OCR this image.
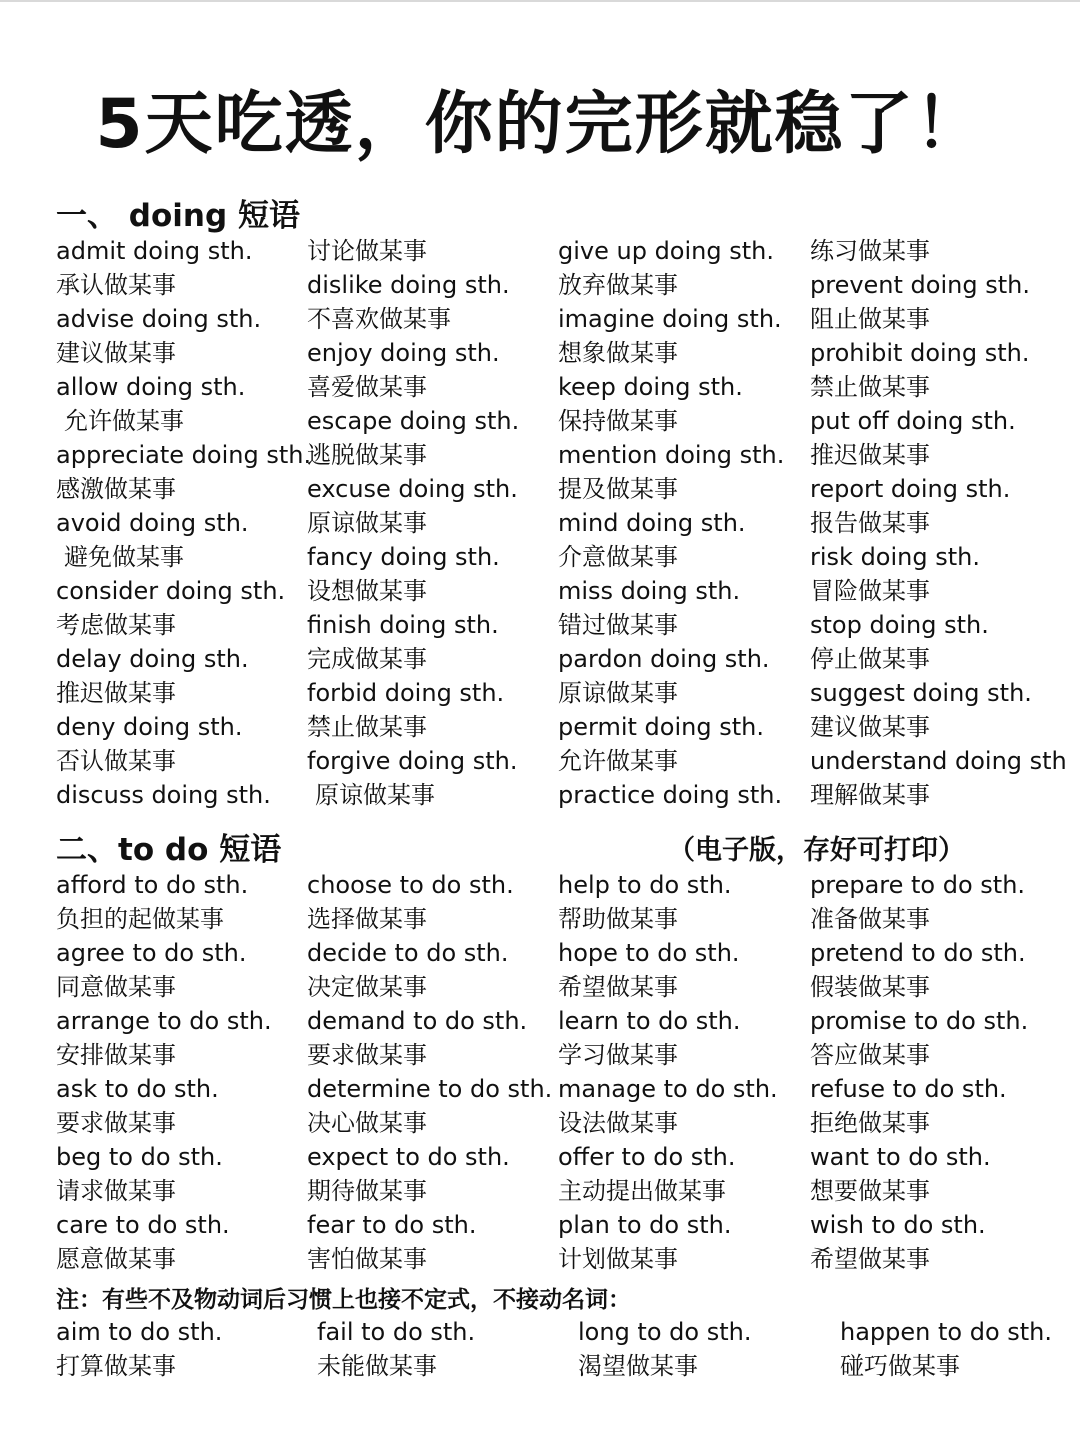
5天吃透，你的完形就稳了！
一、 doing 短语
admit doing sth.
承认做某事
advise doing sth.
建议做某事
allow doing sth.
允许做某事
appreciate doing sth.
感激做某事
avoid doing sth.
避免做某事
consider doing sth.
考虑做某事
delay doing sth.
推迟做某事
deny doing sth.
否认做某事
discuss doing sth.
讨论做某事
dislike doing sth.
不喜欢做某事
enjoy doing sth.
喜爱做某事
escape doing sth.
逃脱做某事
excuse doing sth.
原谅做某事
fancy doing sth.
设想做某事
finish doing sth.
完成做某事
forbid doing sth.
禁止做某事
forgive doing sth.
原谅做某事
give up doing sth.
放弃做某事
imagine doing sth.
想象做某事
keep doing sth.
保持做某事
mention doing sth.
提及做某事
mind doing sth.
介意做某事
miss doing sth.
错过做某事
pardon doing sth.
原谅做某事
permit doing sth.
允许做某事
practice doing sth.
练习做某事
prevent doing sth.
阻止做某事
prohibit doing sth.
禁止做某事
put off doing sth.
推迟做某事
report doing sth.
报告做某事
risk doing sth.
冒险做某事
stop doing sth.
停止做某事
suggest doing sth.
建议做某事
understand doing sth
理解做某事
二、to do 短语	（电子版，存好可打印）
afford to do sth.
负担的起做某事
agree to do sth.
同意做某事
arrange to do sth.
安排做某事
ask to do sth.
要求做某事
beg to do sth.
请求做某事
care to do sth.
愿意做某事
choose to do sth.
选择做某事
decide to do sth.
决定做某事
demand to do sth.
要求做某事
determine to do sth.
决心做某事
expect to do sth.
期待做某事
fear to do sth.
害怕做某事
help to do sth.
帮助做某事
hope to do sth.
希望做某事
learn to do sth.
学习做某事
manage to do sth.
设法做某事
offer to do sth.
主动提出做某事
plan to do sth.
计划做某事
prepare to do sth.
准备做某事
pretend to do sth.
假装做某事
promise to do sth.
答应做某事
refuse to do sth.
拒绝做某事
want to do sth.
想要做某事
wish to do sth.
希望做某事
注：有些不及物动词后习惯上也接不定式，不接动名词：
aim to do sth.
打算做某事
fail to do sth.
未能做某事
long to do sth.
渴望做某事
happen to do sth.
碰巧做某事
